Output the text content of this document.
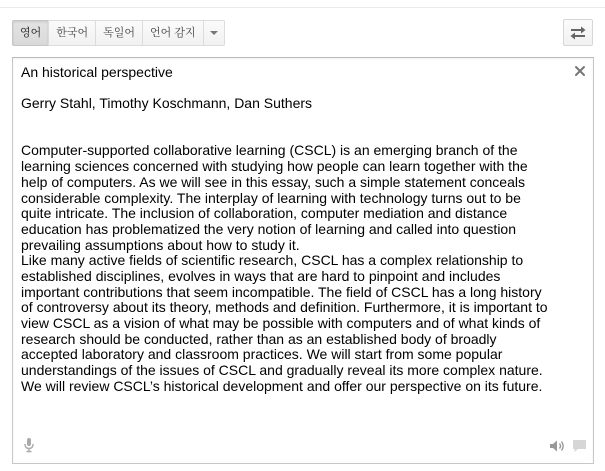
영어	한국어	독일어	언어 감지
An historical perspective
Gerry Stahl, Timothy Koschmann, Dan Suthers
Computer-supported collaborative learning (CSCL) is an emerging branch of the
learning sciences concerned with studying how people can learn together with the
help of computers. As we will see in this essay, such a simple statement conceals
considerable complexity. The interplay of learning with technology turns out to be
quite intricate. The inclusion of collaboration, computer mediation and distance
education has problematized the very notion of learning and called into question
prevailing assumptions about how to study it.
Like many active fields of scientific research, CSCL has a complex relationship to
established disciplines, evolves in ways that are hard to pinpoint and includes
important contributions that seem incompatible. The field of CSCL has a long history
of controversy about its theory, methods and definition. Furthermore, it is important to
view CSCL as a vision of what may be possible with computers and of what kinds of
research should be conducted, rather than as an established body of broadly
accepted laboratory and classroom practices. We will start from some popular
understandings of the issues of CSCL and gradually reveal its more complex nature.
We will review CSCL’s historical development and offer our perspective on its future.
